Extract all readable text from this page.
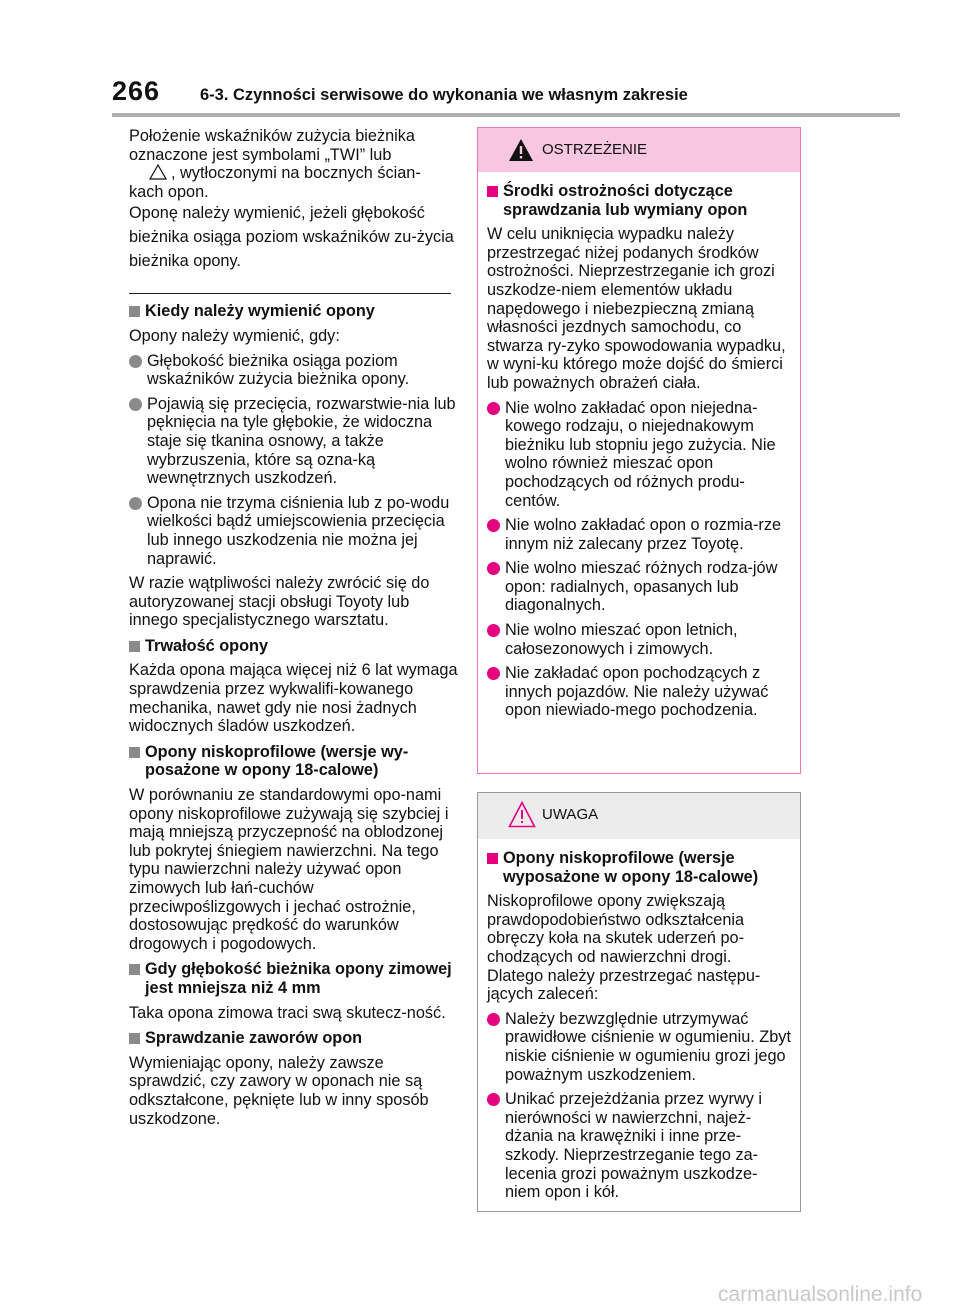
266 6-3. Czynności serwisowe do wykonania we własnym zakresie

Położenie wskaźników zużycia bieżnika oznaczone jest symbolami „TWI” lub
, wytłoczonymi na bocznych ścian-
kach opon.

Oponę należy wymienić, jeżeli głębokość bieżnika osiąga poziom wskaźników zu-życia bieżnika opony.

Kiedy należy wymienić opony

Opony należy wymienić, gdy:

Głębokość bieżnika osiąga poziom wskaźników zużycia bieżnika opony.
Pojawią się przecięcia, rozwarstwie-nia lub pęknięcia na tyle głębokie, że widoczna staje się tkanina osnowy, a także wybrzuszenia, które są ozna-ką wewnętrznych uszkodzeń.
Opona nie trzyma ciśnienia lub z po-wodu wielkości bądź umiejscowienia przecięcia lub innego uszkodzenia nie można jej naprawić.

W razie wątpliwości należy zwrócić się do autoryzowanej stacji obsługi Toyoty lub innego specjalistycznego warsztatu.

Trwałość opony

Każda opona mająca więcej niż 6 lat wymaga sprawdzenia przez wykwalifi-kowanego mechanika, nawet gdy nie nosi żadnych widocznych śladów uszkodzeń.

Opony niskoprofilowe (wersje wy-posażone w opony 18-calowe)

W porównaniu ze standardowymi opo-nami opony niskoprofilowe zużywają się szybciej i mają mniejszą przyczepność na oblodzonej lub pokrytej śniegiem nawierzchni. Na tego typu nawierzchni należy używać opon zimowych lub łań-cuchów przeciwpoślizgowych i jechać ostrożnie, dostosowując prędkość do warunków drogowych i pogodowych.

Gdy głębokość bieżnika opony zimowej jest mniejsza niż 4 mm

Taka opona zimowa traci swą skutecz-ność.

Sprawdzanie zaworów opon

Wymieniając opony, należy zawsze sprawdzić, czy zawory w oponach nie są odkształcone, pęknięte lub w inny sposób uszkodzone.

OSTRZEŻENIE
Środki ostrożności dotyczące sprawdzania lub wymiany opon

W celu uniknięcia wypadku należy przestrzegać niżej podanych środków ostrożności. Nieprzestrzeganie ich grozi uszkodze-niem elementów układu napędowego i niebezpieczną zmianą własności jezdnych samochodu, co stwarza ry-zyko spowodowania wypadku, w wyni-ku którego może dojść do śmierci lub poważnych obrażeń ciała.

Nie wolno zakładać opon niejedna-kowego rodzaju, o niejednakowym bieżniku lub stopniu jego zużycia. Nie wolno również mieszać opon pochodzących od różnych produ-centów.
Nie wolno zakładać opon o rozmia-rze innym niż zalecany przez Toyotę.
Nie wolno mieszać różnych rodza-jów opon: radialnych, opasanych lub diagonalnych.
Nie wolno mieszać opon letnich, całosezonowych i zimowych.
Nie zakładać opon pochodzących z innych pojazdów. Nie należy używać opon niewiado-mego pochodzenia.
UWAGA
Opony niskoprofilowe (wersje wyposażone w opony 18-calowe)

Niskoprofilowe opony zwiększają prawdopodobieństwo odkształcenia obręczy koła na skutek uderzeń po-chodzących od nawierzchni drogi. Dlatego należy przestrzegać następu-jących zaleceń:

Należy bezwzględnie utrzymywać prawidłowe ciśnienie w ogumieniu. Zbyt niskie ciśnienie w ogumieniu grozi jego poważnym uszkodzeniem.
Unikać przejeżdżania przez wyrwy i nierówności w nawierzchni, najeż-dżania na krawężniki i inne prze-szkody. Nieprzestrzeganie tego za-lecenia grozi poważnym uszkodze-niem opon i kół.
carmanualsonline.info
